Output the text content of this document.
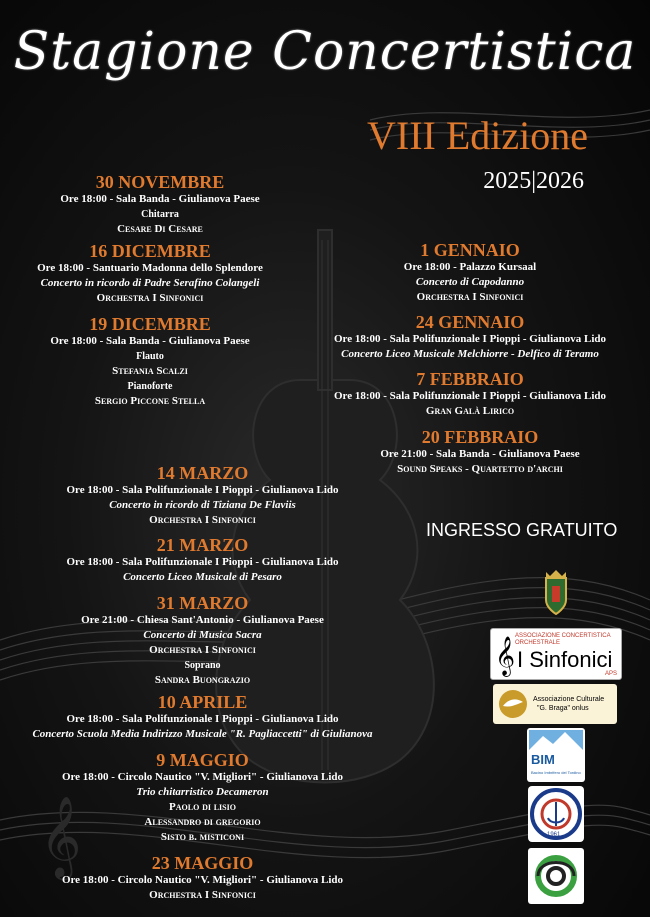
𝄞
Stagione Concertistica
VIII Edizione
2025|2026
30 NOVEMBRE
Ore 18:00 - Sala Banda - Giulianova Paese
Chitarra
Cesare Di Cesare
16 DICEMBRE
Ore 18:00 - Santuario Madonna dello Splendore
Concerto in ricordo di Padre Serafino Colangeli
Orchestra I Sinfonici
19 DICEMBRE
Ore 18:00 - Sala Banda - Giulianova Paese
Flauto
Stefania Scalzi
Pianoforte
Sergio Piccone Stella
1 GENNAIO
Ore 18:00 - Palazzo Kursaal
Concerto di Capodanno
Orchestra I Sinfonici
24 GENNAIO
Ore 18:00 - Sala Polifunzionale I Pioppi - Giulianova Lido
Concerto Liceo Musicale Melchiorre - Delfico di Teramo
7 FEBBRAIO
Ore 18:00 - Sala Polifunzionale I Pioppi - Giulianova Lido
Gran Galà Lirico
20 FEBBRAIO
Ore 21:00 - Sala Banda - Giulianova Paese
Sound Speaks - Quartetto d'archi
14 MARZO
Ore 18:00 - Sala Polifunzionale I Pioppi - Giulianova Lido
Concerto in ricordo di Tiziana De Flaviis
Orchestra I Sinfonici
21 MARZO
Ore 18:00 - Sala Polifunzionale I Pioppi - Giulianova Lido
Concerto Liceo Musicale di Pesaro
31 MARZO
Ore 21:00 - Chiesa Sant'Antonio - Giulianova Paese
Concerto di Musica Sacra
Orchestra I Sinfonici
Soprano
Sandra Buongrazio
10 APRILE
Ore 18:00 - Sala Polifunzionale I Pioppi - Giulianova Lido
Concerto Scuola Media Indirizzo Musicale "R. Pagliaccetti" di Giulianova
9 MAGGIO
Ore 18:00 - Circolo Nautico "V. Migliori" - Giulianova Lido
Trio chitarristico Decameron
Paolo di lisio
Alessandro di gregorio
Sisto b. misticoni
23 MAGGIO
Ore 18:00 - Circolo Nautico "V. Migliori" - Giulianova Lido
Orchestra I Sinfonici
INGRESSO GRATUITO
𝄞 ASSOCIAZIONE CONCERTISTICA ORCHESTRALE
I Sinfonici
APS
Associazione Culturale
"G. Braga" onlus
BIM
Bacino Imbrifero del Tordino
1961
